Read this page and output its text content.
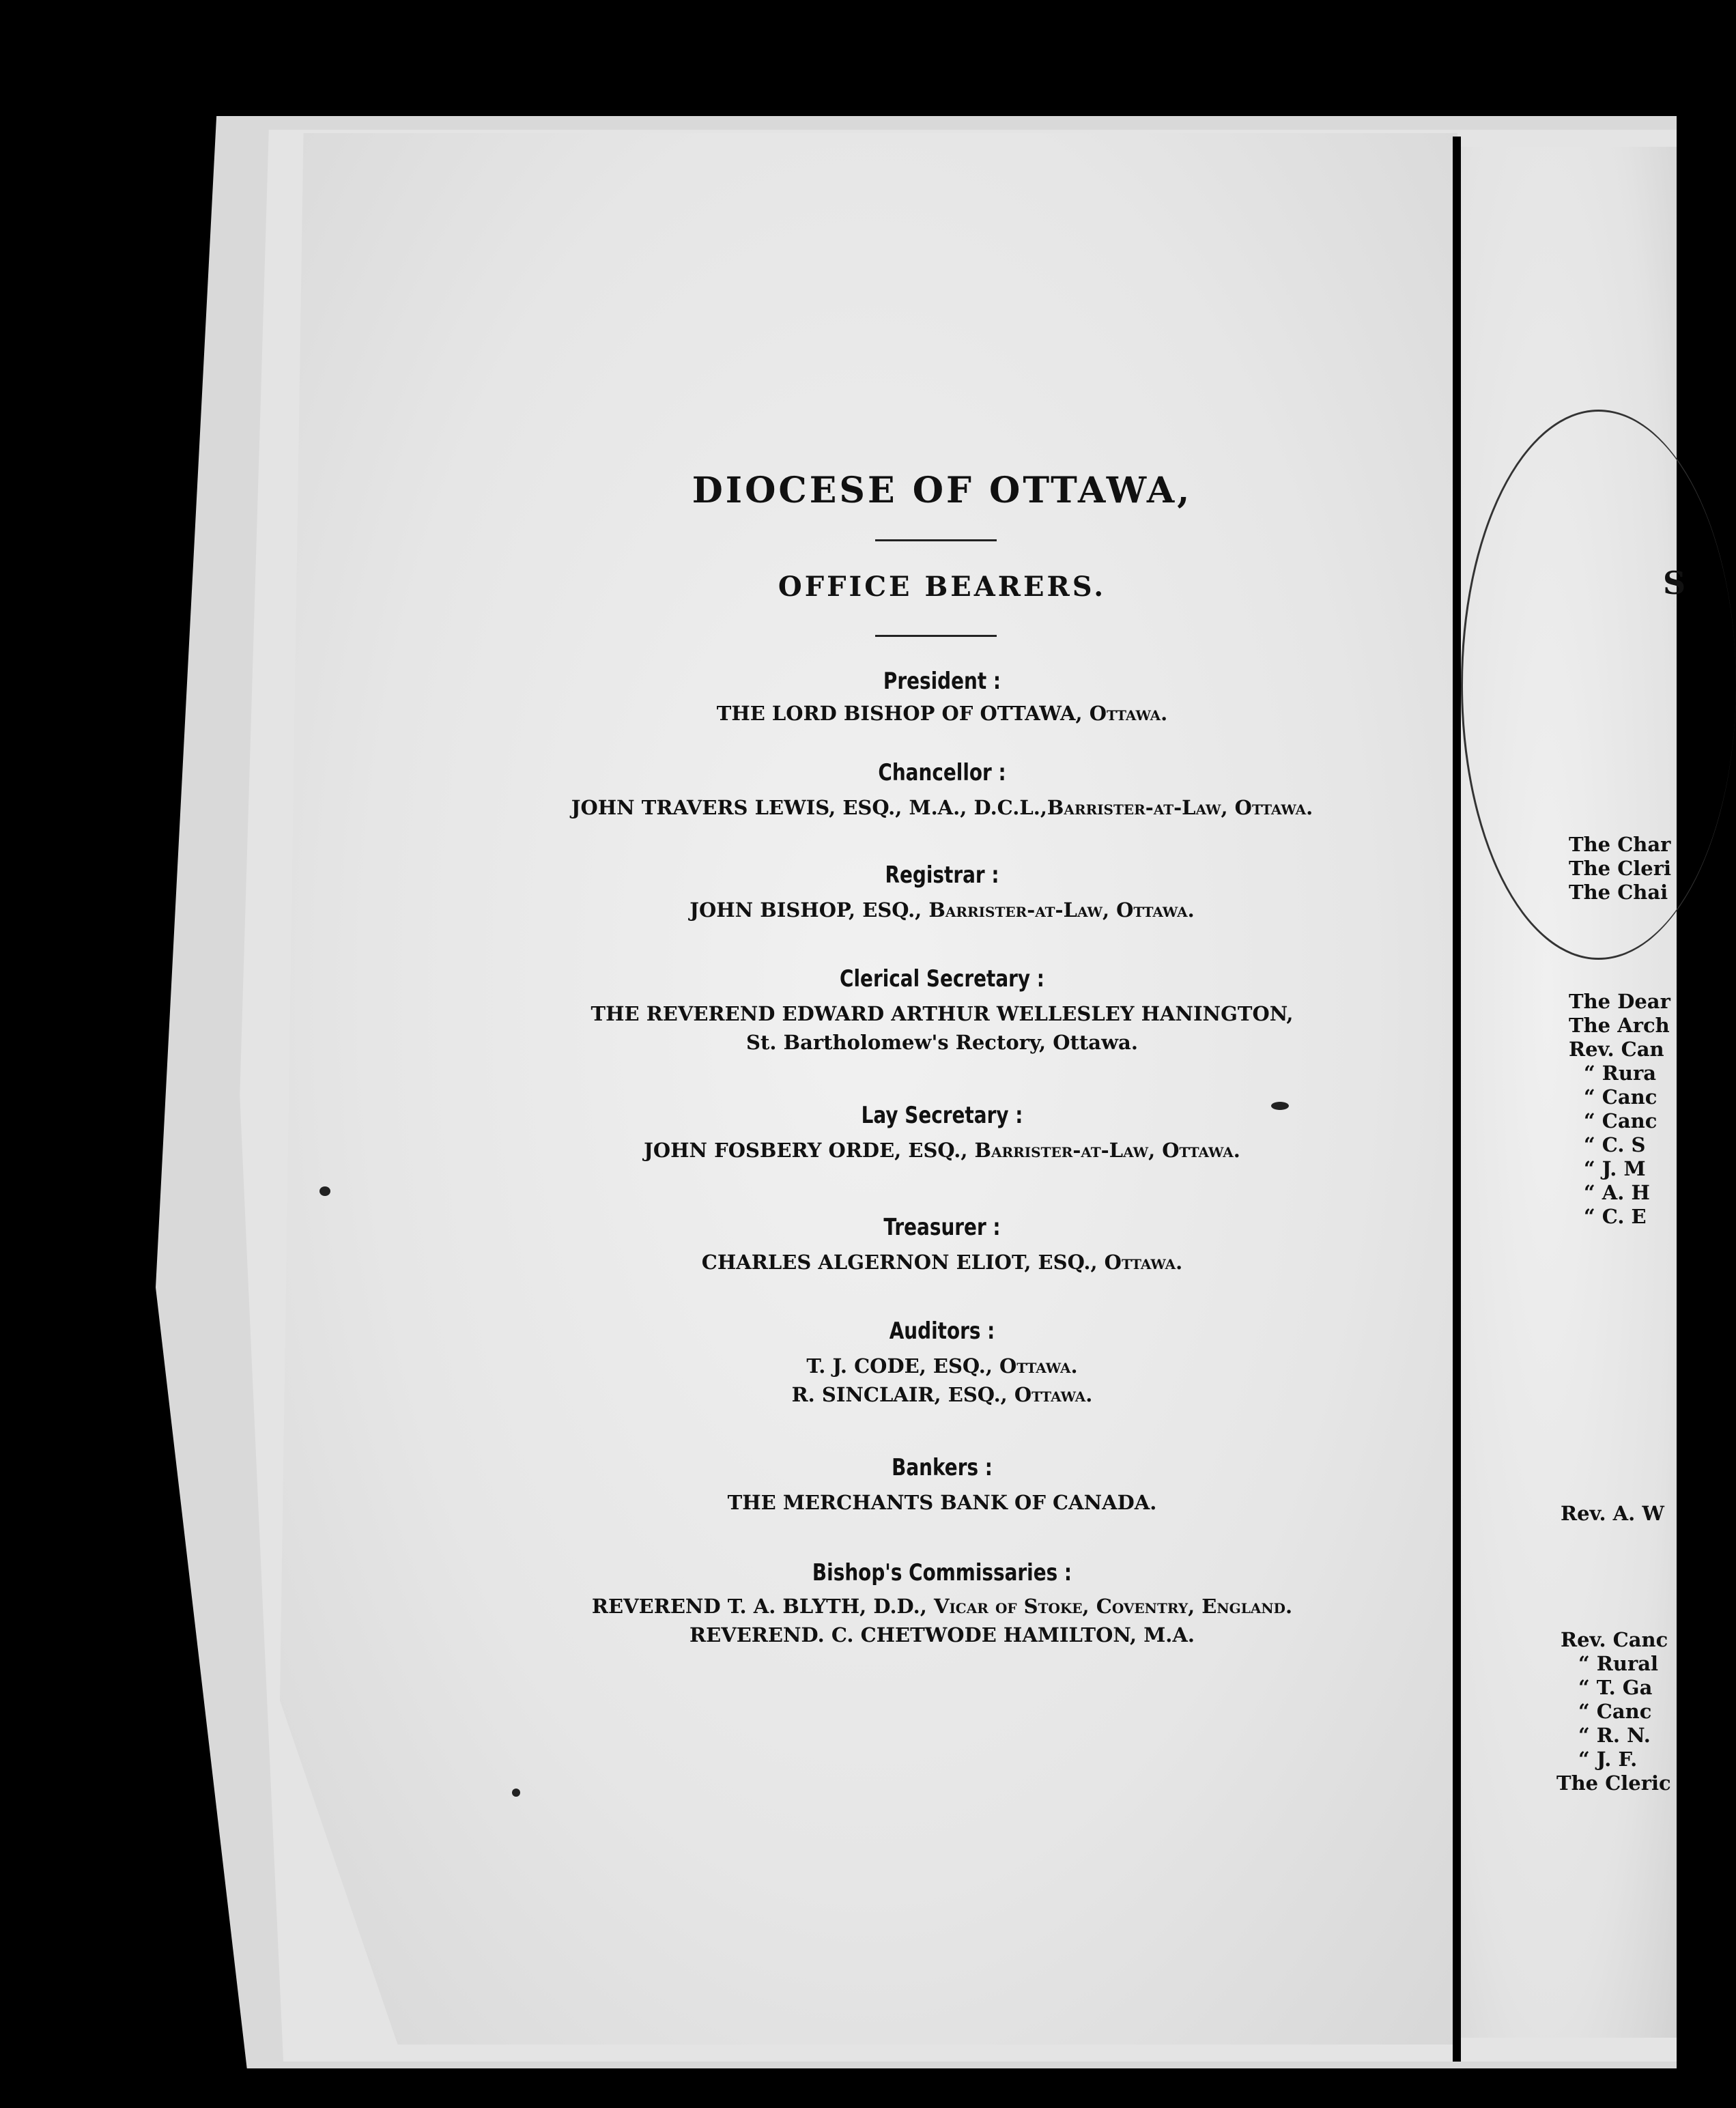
DIOCESE OF OTTAWA,
OFFICE BEARERS.
President :
THE LORD BISHOP OF OTTAWA, Ottawa.
Chancellor :
JOHN TRAVERS LEWIS, ESQ., M.A., D.C.L.,Barrister-at-Law, Ottawa.
Registrar :
JOHN BISHOP, ESQ., Barrister-at-Law, Ottawa.
Clerical Secretary :
THE REVEREND EDWARD ARTHUR WELLESLEY HANINGTON,
St. Bartholomew's Rectory, Ottawa.
Lay Secretary :
JOHN FOSBERY ORDE, ESQ., Barrister-at-Law, Ottawa.
Treasurer :
CHARLES ALGERNON ELIOT, ESQ., Ottawa.
Auditors :
T. J. CODE, ESQ., Ottawa.
R. SINCLAIR, ESQ., Ottawa.
Bankers :
THE MERCHANTS BANK OF CANADA.
Bishop's Commissaries :
REVEREND T. A. BLYTH, D.D., Vicar of Stoke, Coventry, England.
REVEREND. C. CHETWODE HAMILTON, M.A.
S
The Char
The Cleri
The Chai
The Dear
The Arch
Rev. Can
“ Rura
“ Canc
“ Canc
“ C. S
“ J. M
“ A. H
“ C. E
Rev. A. W
Rev. Canc
“ Rural
“ T. Ga
“ Canc
“ R. N.
“ J. F.
The Cleric
